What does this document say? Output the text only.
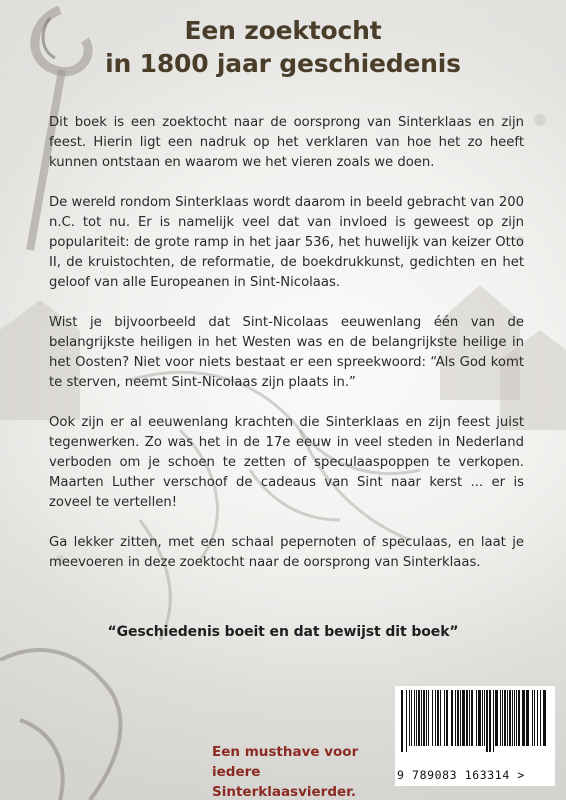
Een zoektocht
in 1800 jaar geschiedenis

Dit boek is een zoektocht naar de oorsprong van Sinterklaas en zijn feest. Hierin ligt een nadruk op het verklaren van hoe het zo heeft kunnen ontstaan en waarom we het vieren zoals we doen.

De wereld rondom Sinterklaas wordt daarom in beeld gebracht van 200 n.C. tot nu. Er is namelijk veel dat van invloed is geweest op zijn populariteit: de grote ramp in het jaar 536, het huwelijk van keizer Otto II, de kruistochten, de reformatie, de boekdrukkunst, gedichten en het geloof van alle Europeanen in Sint-Nicolaas.

Wist je bijvoorbeeld dat Sint-Nicolaas eeuwenlang één van de belangrijkste heiligen in het Westen was en de belangrijkste heilige in het Oosten? Niet voor niets bestaat er een spreekwoord: “Als God komt te sterven, neemt Sint-Nicolaas zijn plaats in.”

Ook zijn er al eeuwenlang krachten die Sinterklaas en zijn feest juist tegenwerken. Zo was het in de 17e eeuw in veel steden in Nederland verboden om je schoen te zetten of speculaaspoppen te verkopen. Maarten Luther verschoof de cadeaus van Sint naar kerst ... er is zoveel te vertellen!

Ga lekker zitten, met een schaal pepernoten of speculaas, en laat je meevoeren in deze zoektocht naar de oorsprong van Sinterklaas.

“Geschiedenis boeit en dat bewijst dit boek”
Een musthave voor
iedere Sinterklaasvierder.
9 789083 163314 >
